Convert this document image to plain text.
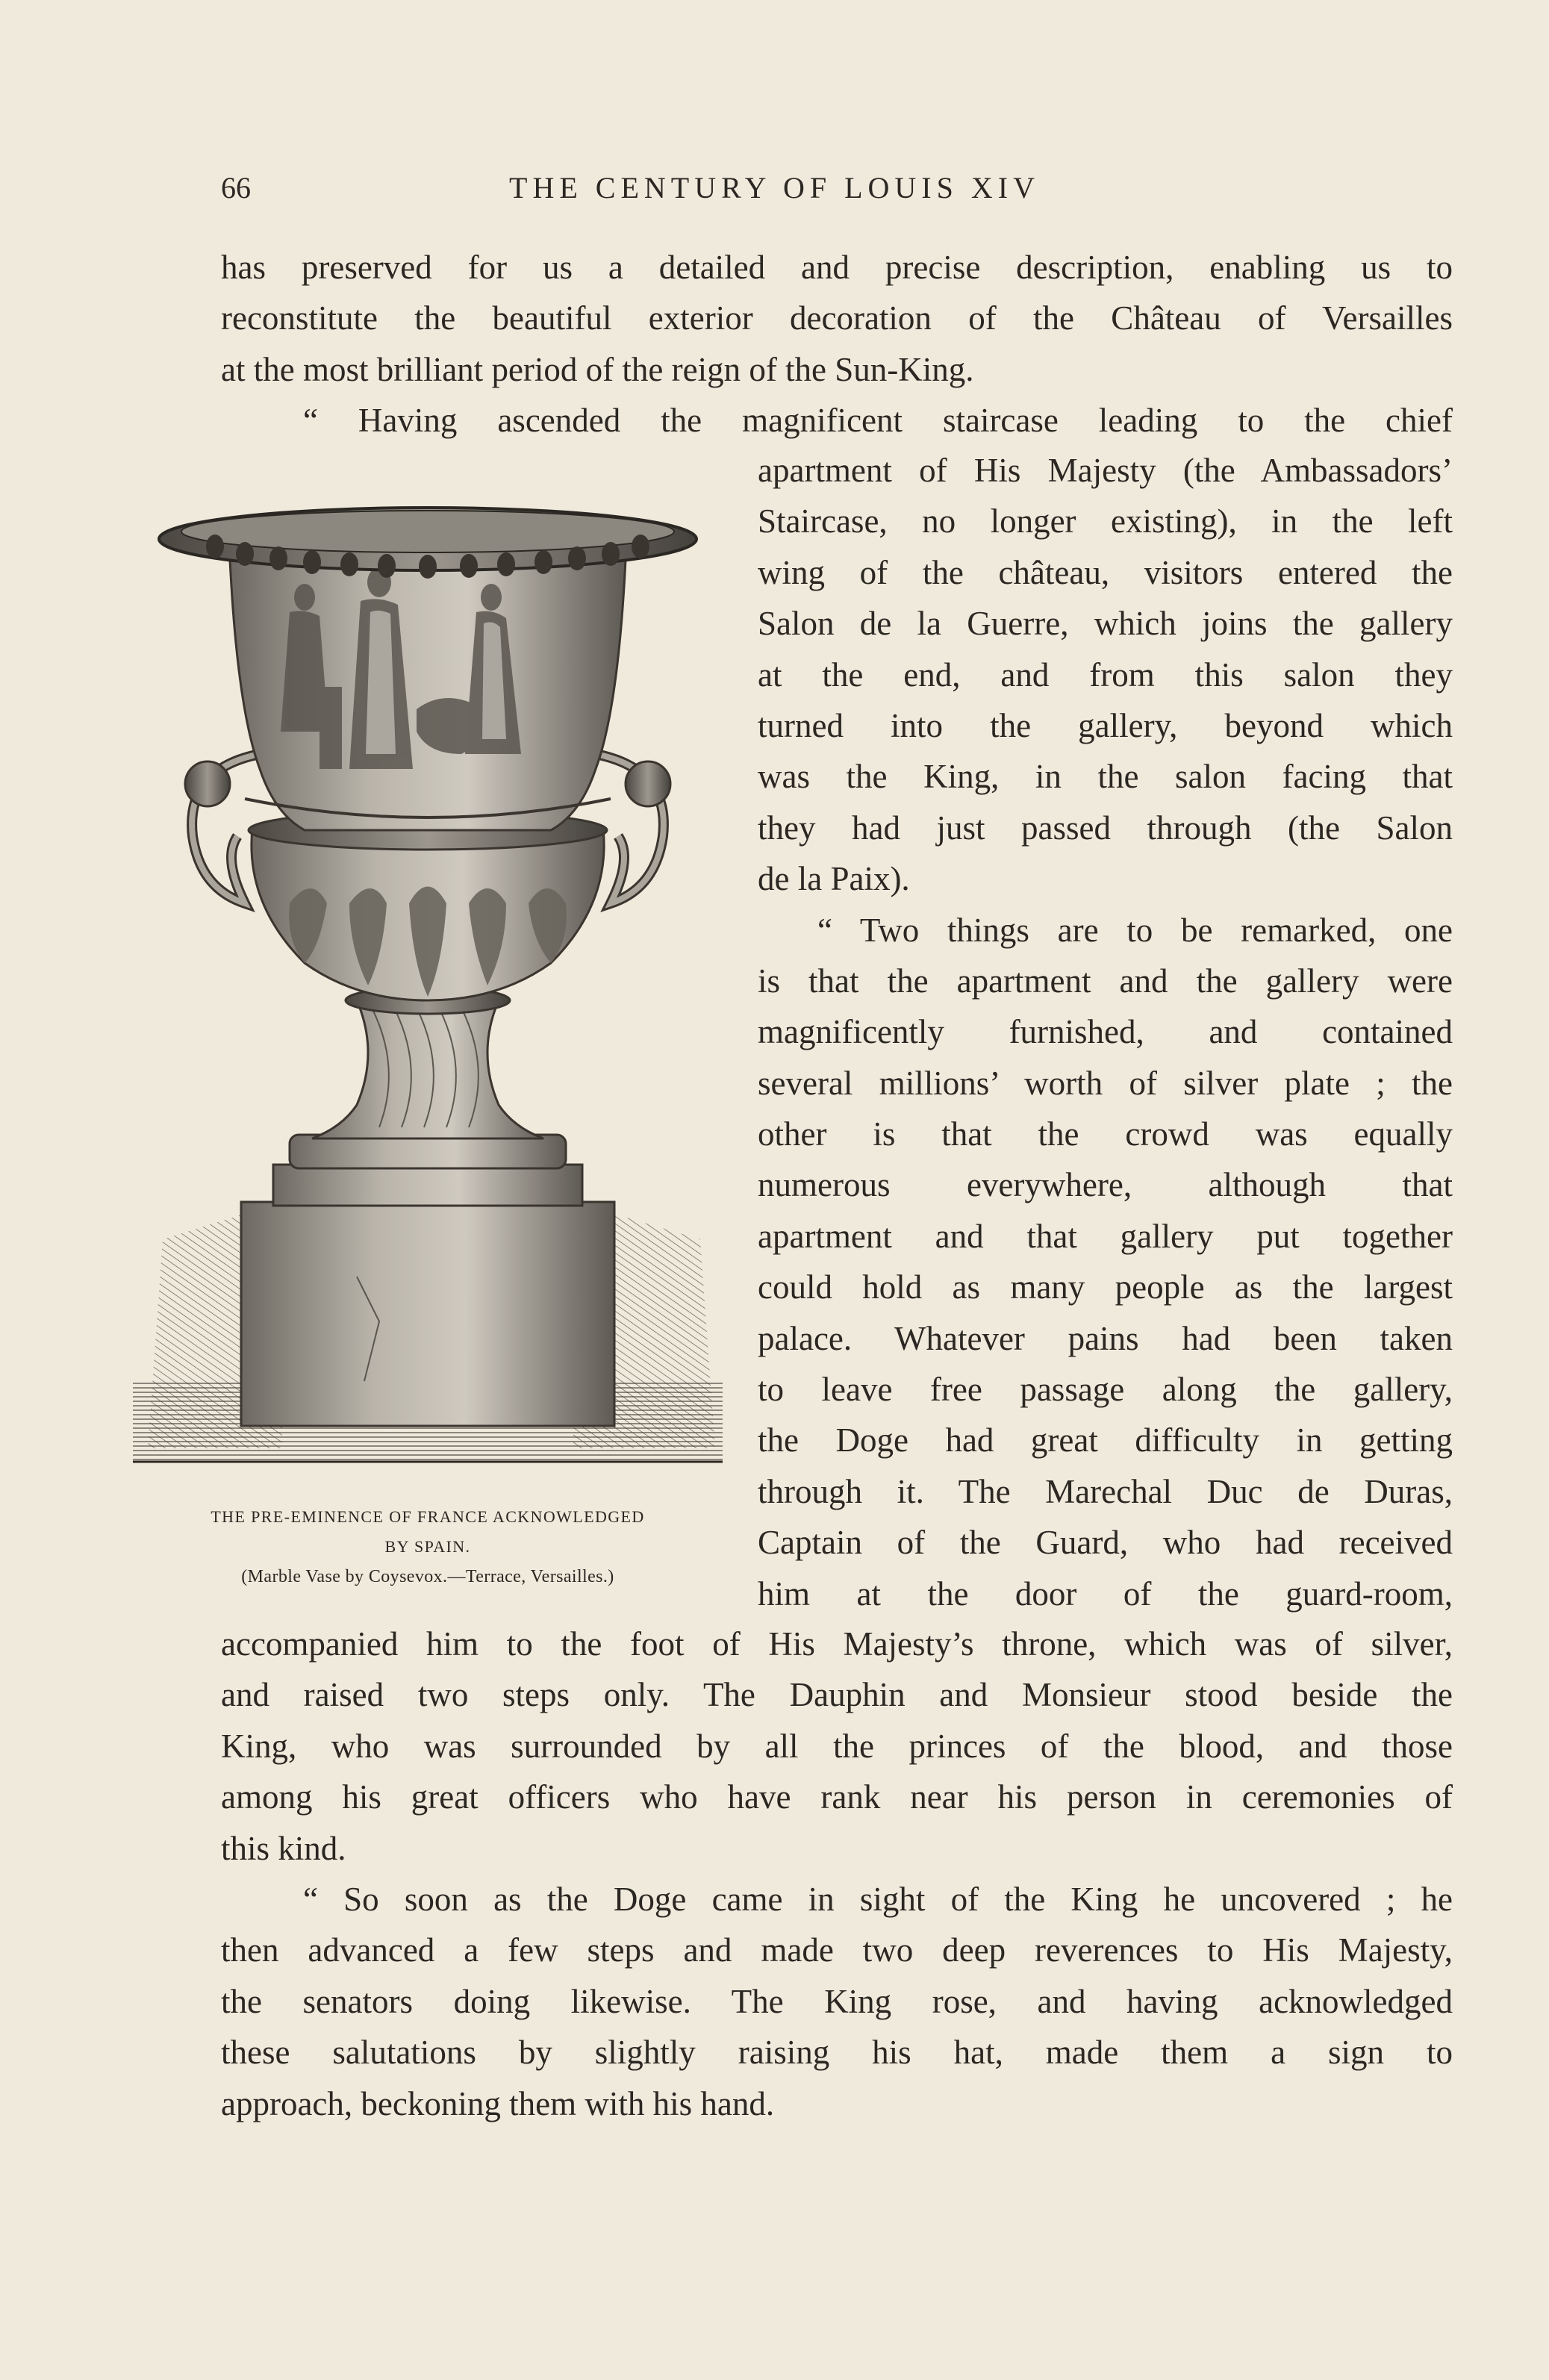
66	THE CENTURY OF LOUIS XIV
has preserved for us a detailed and precise description, enabling us to
reconstitute the beautiful exterior decoration of the Château of Versailles
at the most brilliant period of the reign of the Sun-King.
“ Having ascended the magnificent staircase leading to the chief
apartment of His Majesty (the Ambassadors’
Staircase, no longer existing), in the left
wing of the château, visitors entered the
Salon de la Guerre, which joins the gallery
at the end, and from this salon they
turned into the gallery, beyond which
was the King, in the salon facing that
they had just passed through (the Salon
de la Paix).
“ Two things are to be remarked, one
is that the apartment and the gallery were
magnificently furnished, and contained
several millions’ worth of silver plate ; the
other is that the crowd was equally
numerous everywhere, although that
apartment and that gallery put together
could hold as many people as the largest
palace. Whatever pains had been taken
to leave free passage along the gallery,
the Doge had great difficulty in getting
through it. The Marechal Duc de Duras,
Captain of the Guard, who had received
him at the door of the guard-room,
THE PRE-EMINENCE OF FRANCE ACKNOWLEDGED
BY SPAIN.
(Marble Vase by Coysevox.—Terrace, Versailles.)
accompanied him to the foot of His Majesty’s throne, which was of silver,
and raised two steps only. The Dauphin and Monsieur stood beside the
King, who was surrounded by all the princes of the blood, and those
among his great officers who have rank near his person in ceremonies of
this kind.
“ So soon as the Doge came in sight of the King he uncovered ; he
then advanced a few steps and made two deep reverences to His Majesty,
the senators doing likewise. The King rose, and having acknowledged
these salutations by slightly raising his hat, made them a sign to
approach, beckoning them with his hand.
